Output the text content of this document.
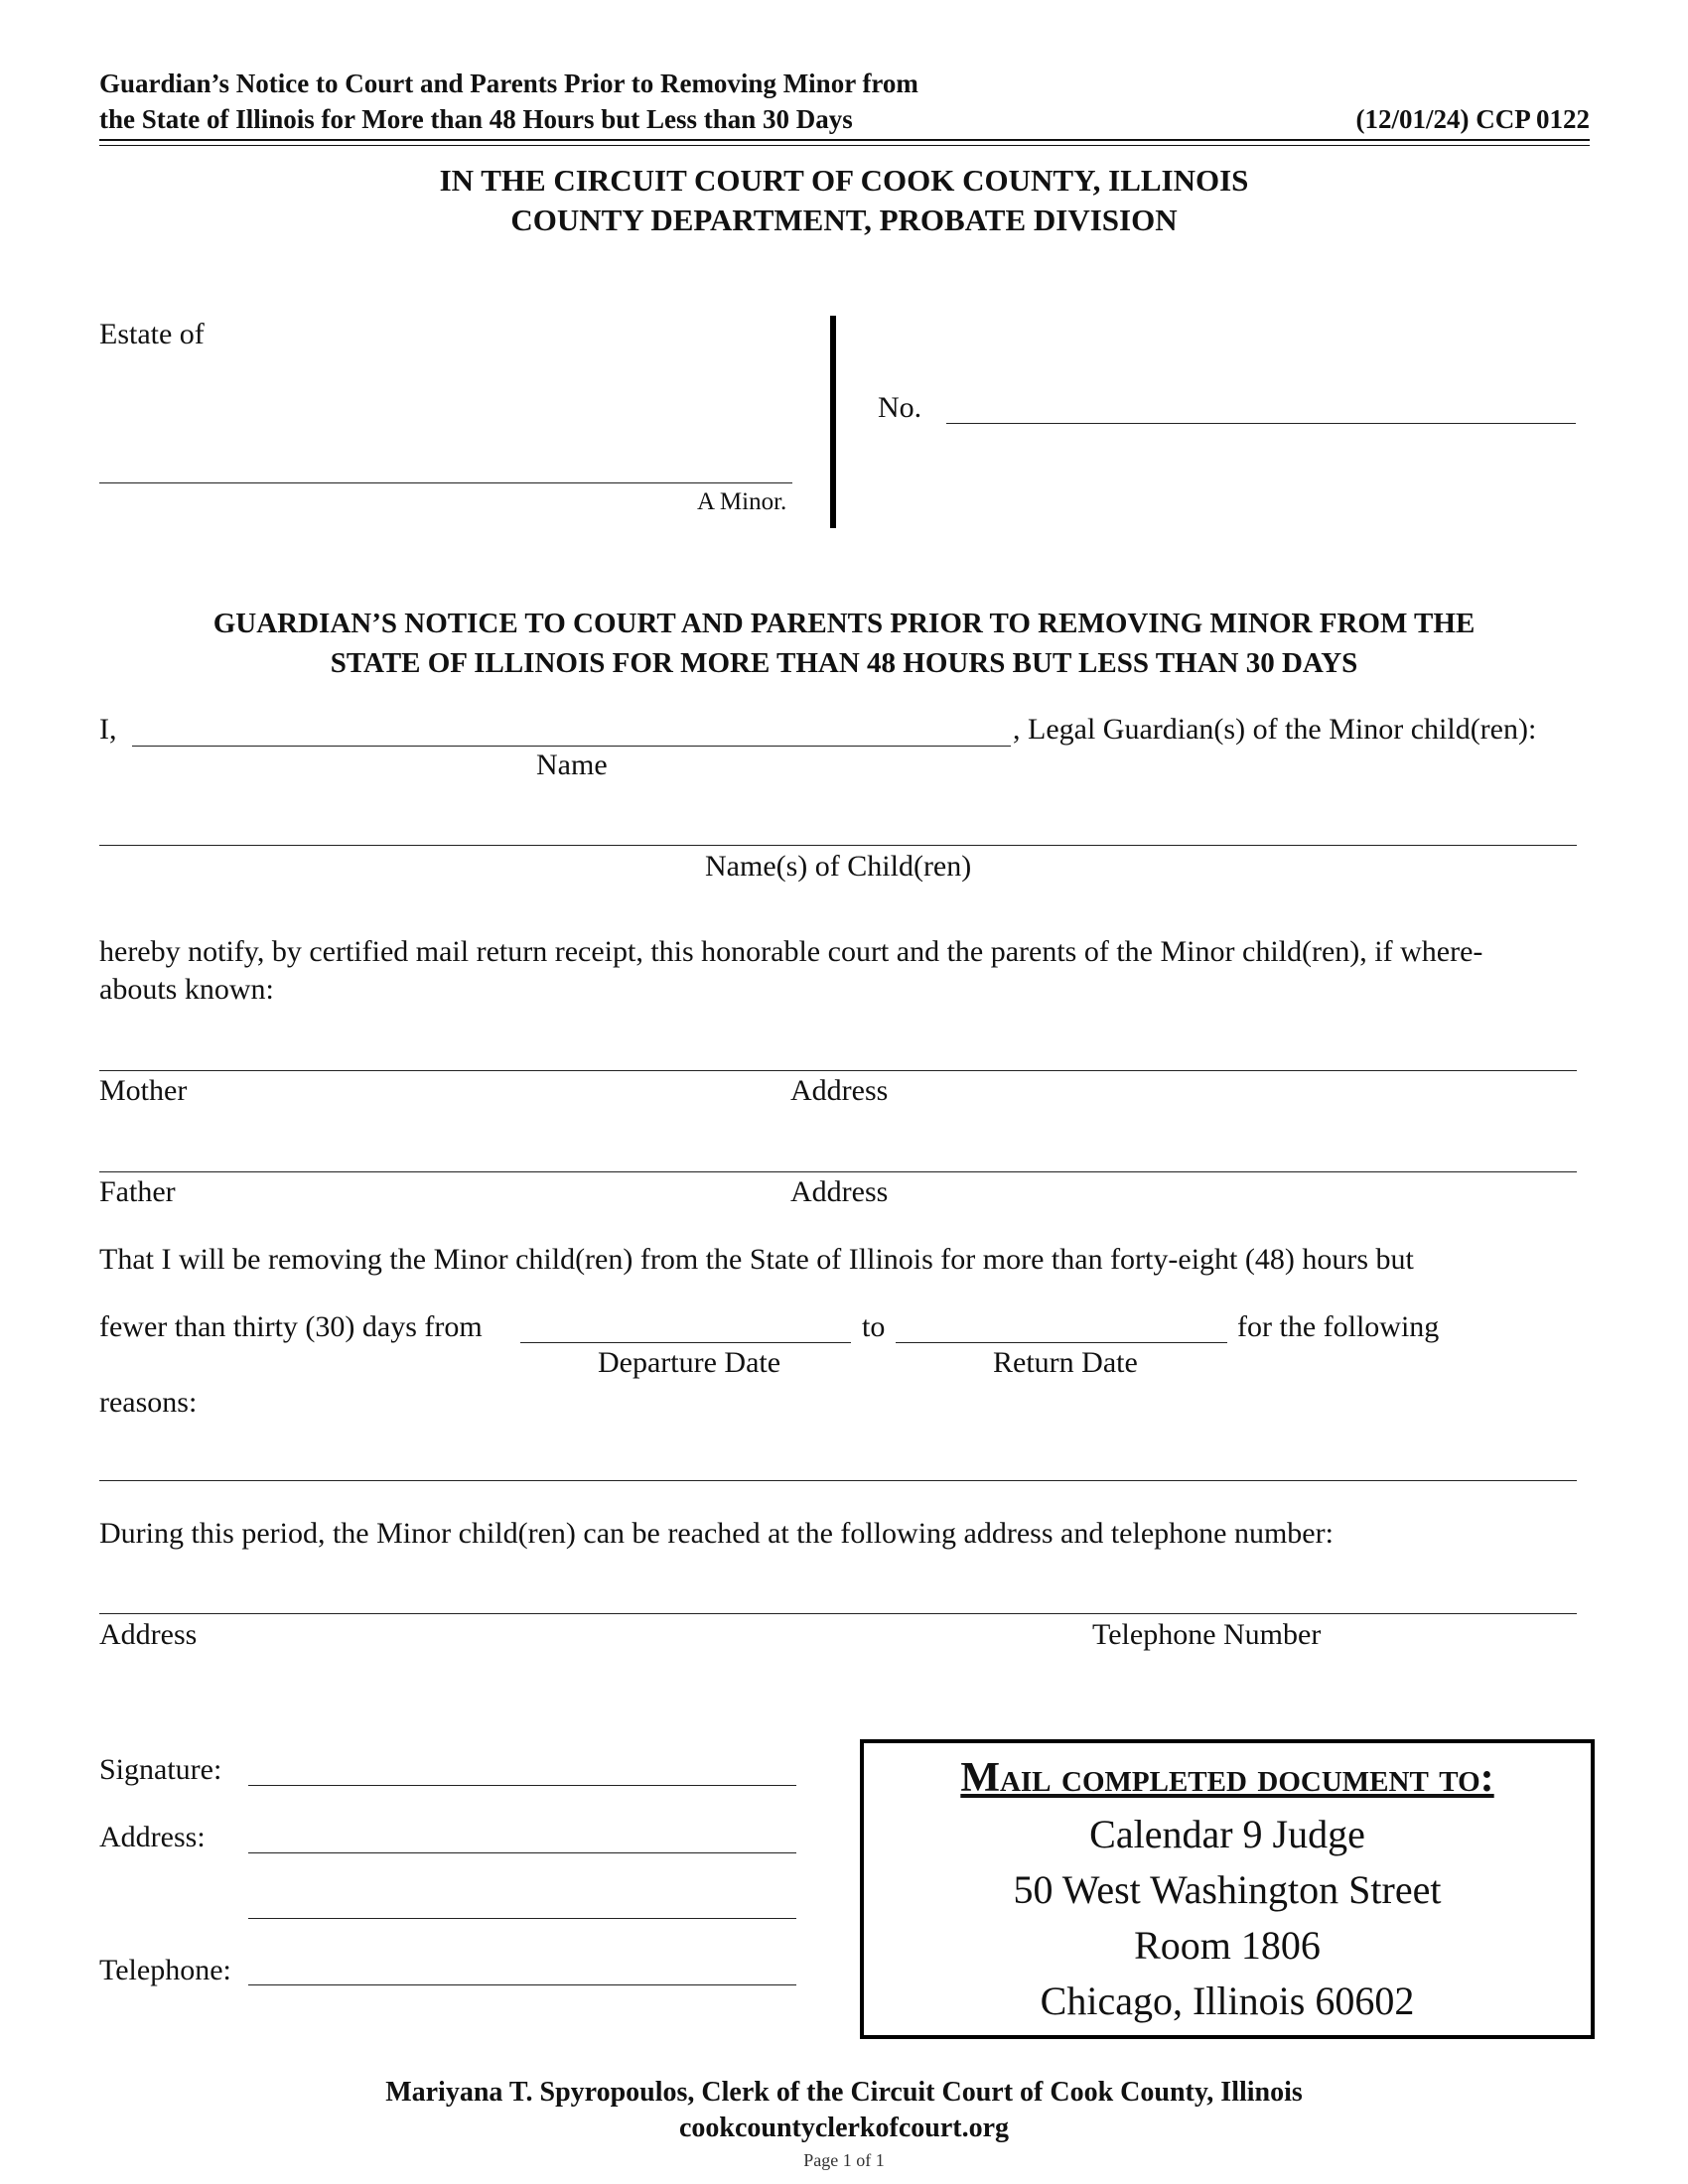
Guardian’s Notice to Court and Parents Prior to Removing Minor from
the State of Illinois for More than 48 Hours but Less than 30 Days	(12/01/24) CCP 0122
IN THE CIRCUIT COURT OF COOK COUNTY, ILLINOIS
COUNTY DEPARTMENT, PROBATE DIVISION
Estate of
A Minor.
No.
GUARDIAN’S NOTICE TO COURT AND PARENTS PRIOR TO REMOVING MINOR FROM THE
STATE OF ILLINOIS FOR MORE THAN 48 HOURS BUT LESS THAN 30 DAYS
I,	, Legal Guardian(s) of the Minor child(ren):
Name
Name(s) of Child(ren)
hereby notify, by certified mail return receipt, this honorable court and the parents of the Minor child(ren), if where-
abouts known:
Mother	Address
Father	Address
That I will be removing the Minor child(ren) from the State of Illinois for more than forty-eight (48) hours but
fewer than thirty (30) days from	to	for the following
Departure Date	Return Date
reasons:
During this period, the Minor child(ren) can be reached at the following address and telephone number:
Address	Telephone Number
Signature:
Address:
Telephone:
Mail completed document to:
Calendar 9 Judge
50 West Washington Street
Room 1806
Chicago, Illinois 60602
Mariyana T. Spyropoulos, Clerk of the Circuit Court of Cook County, Illinois
cookcountyclerkofcourt.org
Page 1 of 1
